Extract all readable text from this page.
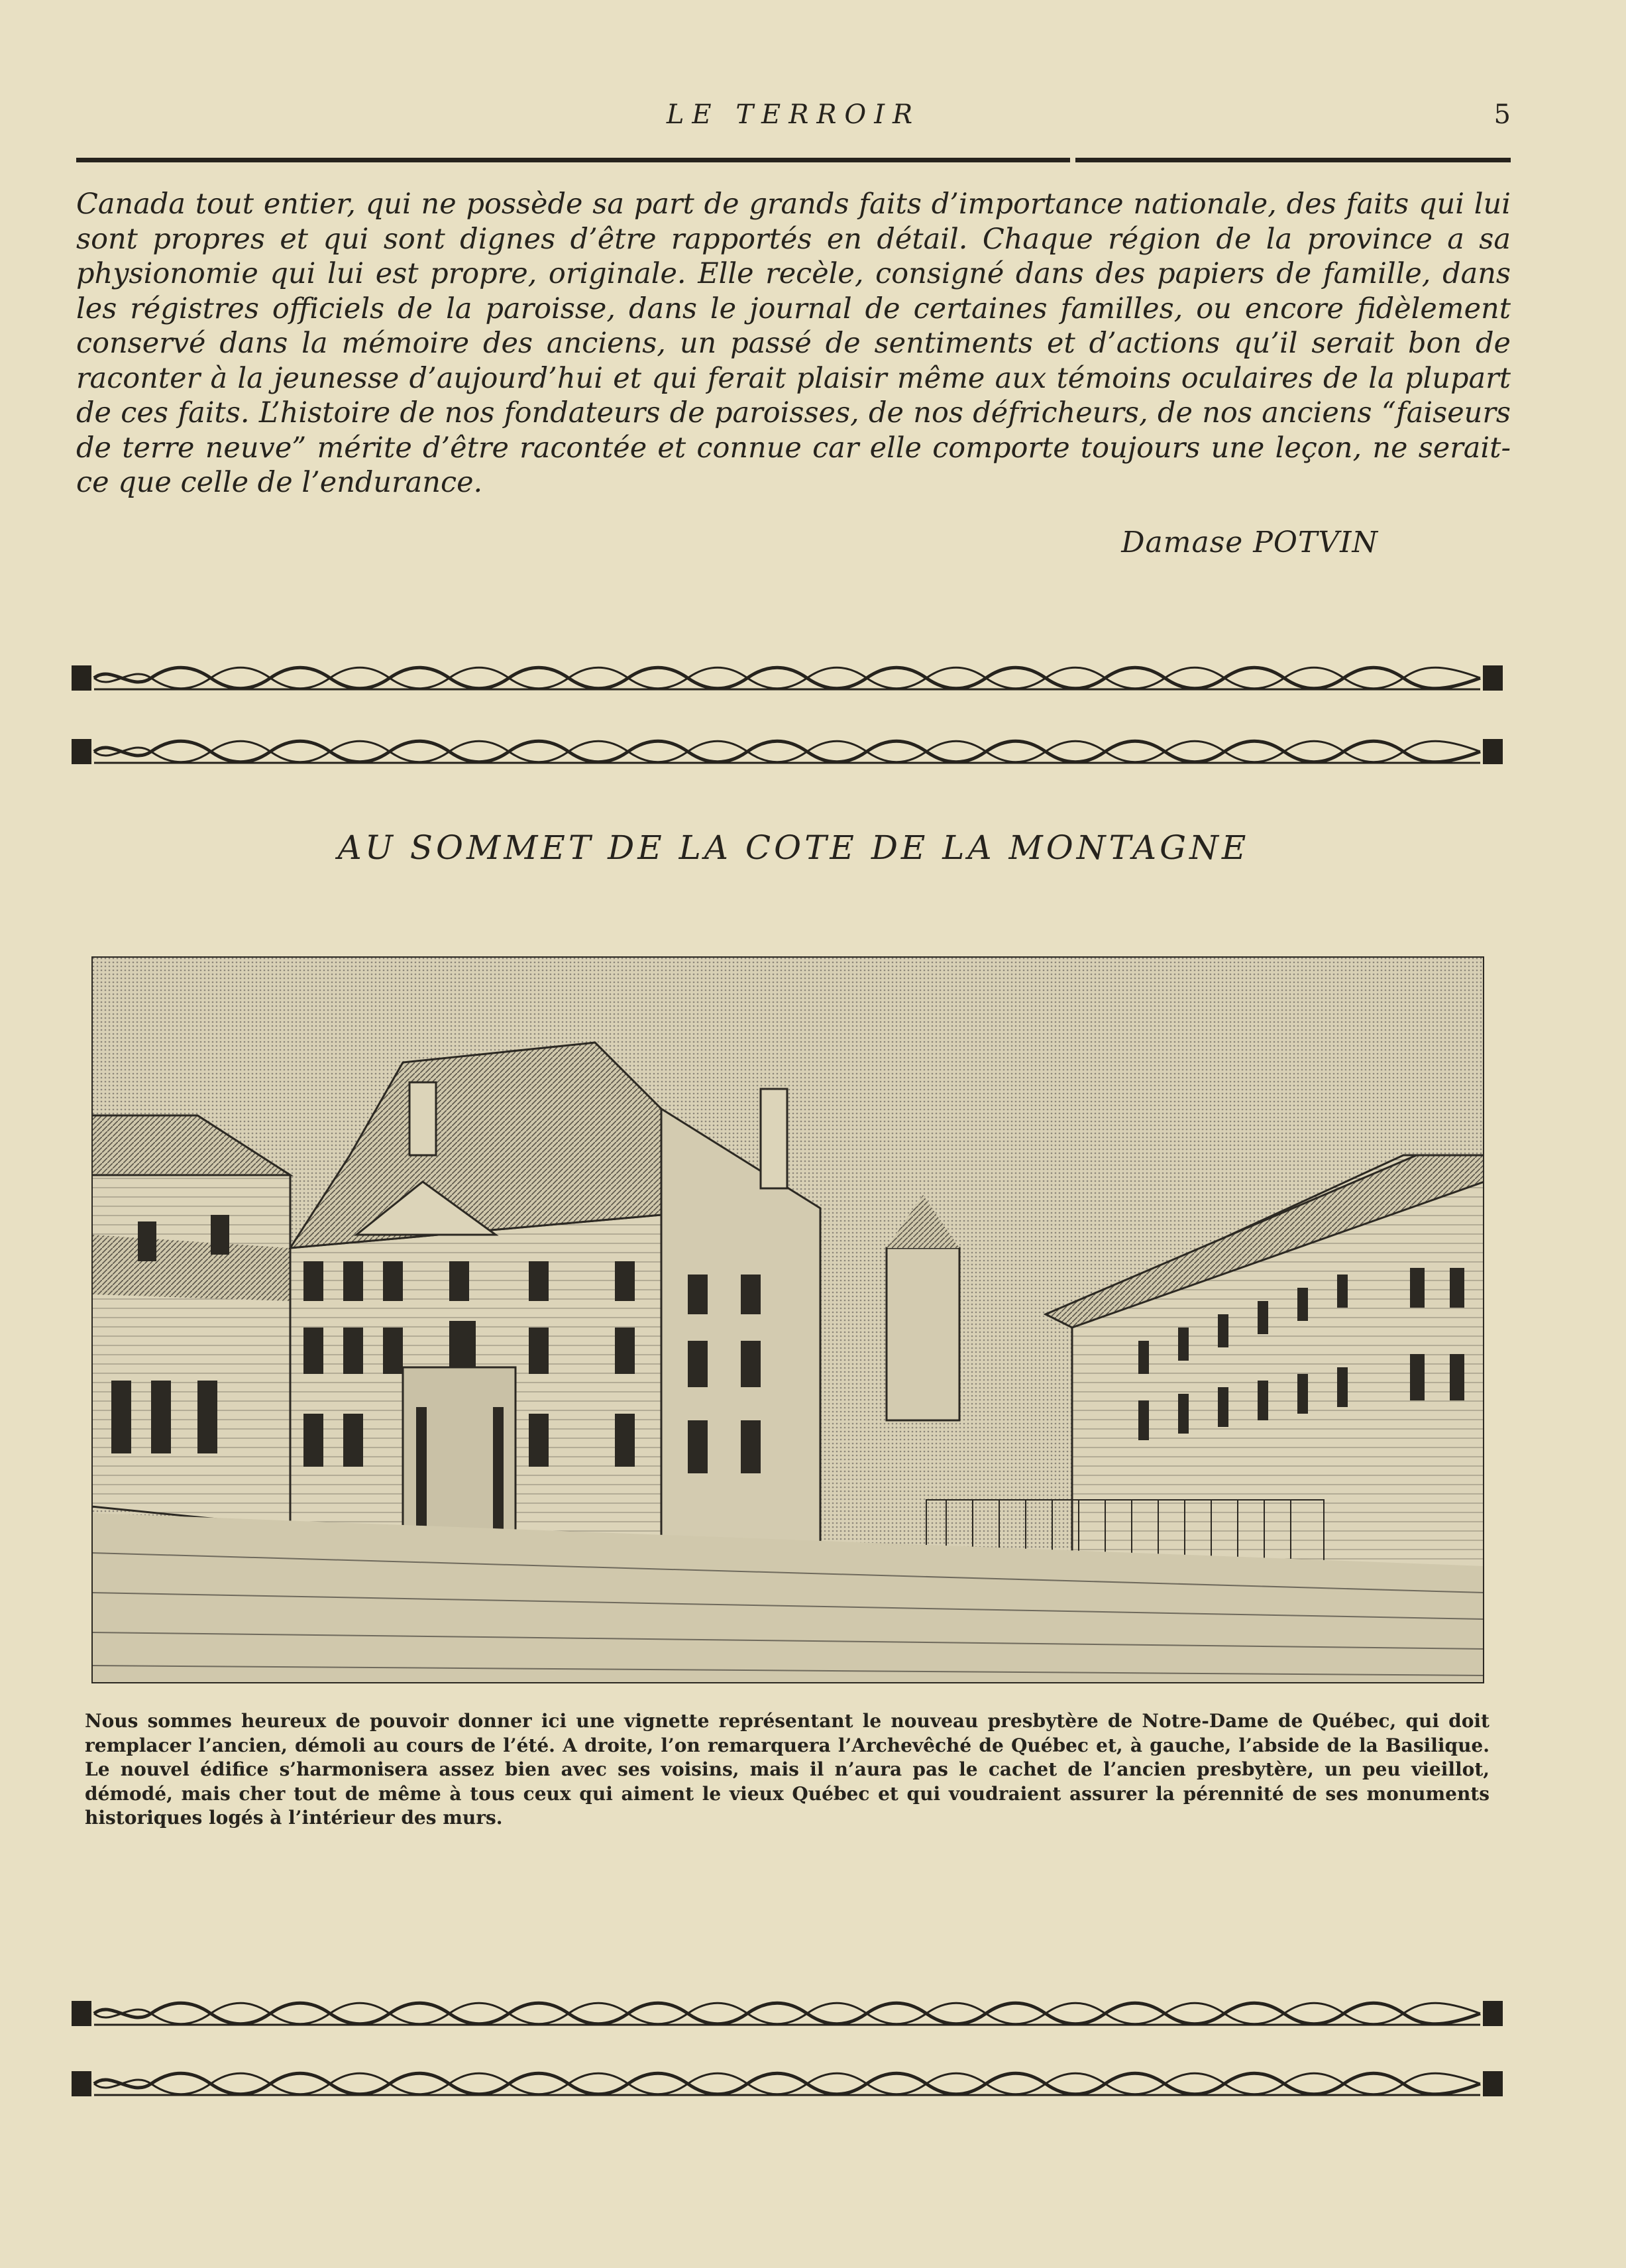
LE TERROIR	5

Canada tout entier, qui ne possède sa part de grands faits d’importance nationale, des faits qui lui sont propres et qui sont dignes d’être rapportés en détail. Chaque région de la province a sa physionomie qui lui est propre, originale. Elle recèle, consigné dans des papiers de famille, dans les régistres officiels de la paroisse, dans le journal de certaines familles, ou encore fidèlement conservé dans la mémoire des anciens, un passé de sentiments et d’actions qu’il serait bon de raconter à la jeunesse d’aujourd’hui et qui ferait plaisir même aux témoins oculaires de la plupart de ces faits. L’histoire de nos fondateurs de paroisses, de nos défricheurs, de nos anciens “faiseurs de terre neuve” mérite d’être racontée et connue car elle comporte toujours une leçon, ne serait-ce que celle de l’endurance.

Damase POTVIN
AU SOMMET DE LA COTE DE LA MONTAGNE

Nous sommes heureux de pouvoir donner ici une vignette représentant le nouveau presbytère de Notre-Dame de Québec, qui doit remplacer l’ancien, démoli au cours de l’été. A droite, l’on remarquera l’Archevêché de Québec et, à gauche, l’abside de la Basilique. Le nouvel édifice s’harmonisera assez bien avec ses voisins, mais il n’aura pas le cachet de l’ancien presbytère, un peu vieillot, démodé, mais cher tout de même à tous ceux qui aiment le vieux Québec et qui voudraient assurer la pérennité de ses monuments historiques logés à l’intérieur des murs.
